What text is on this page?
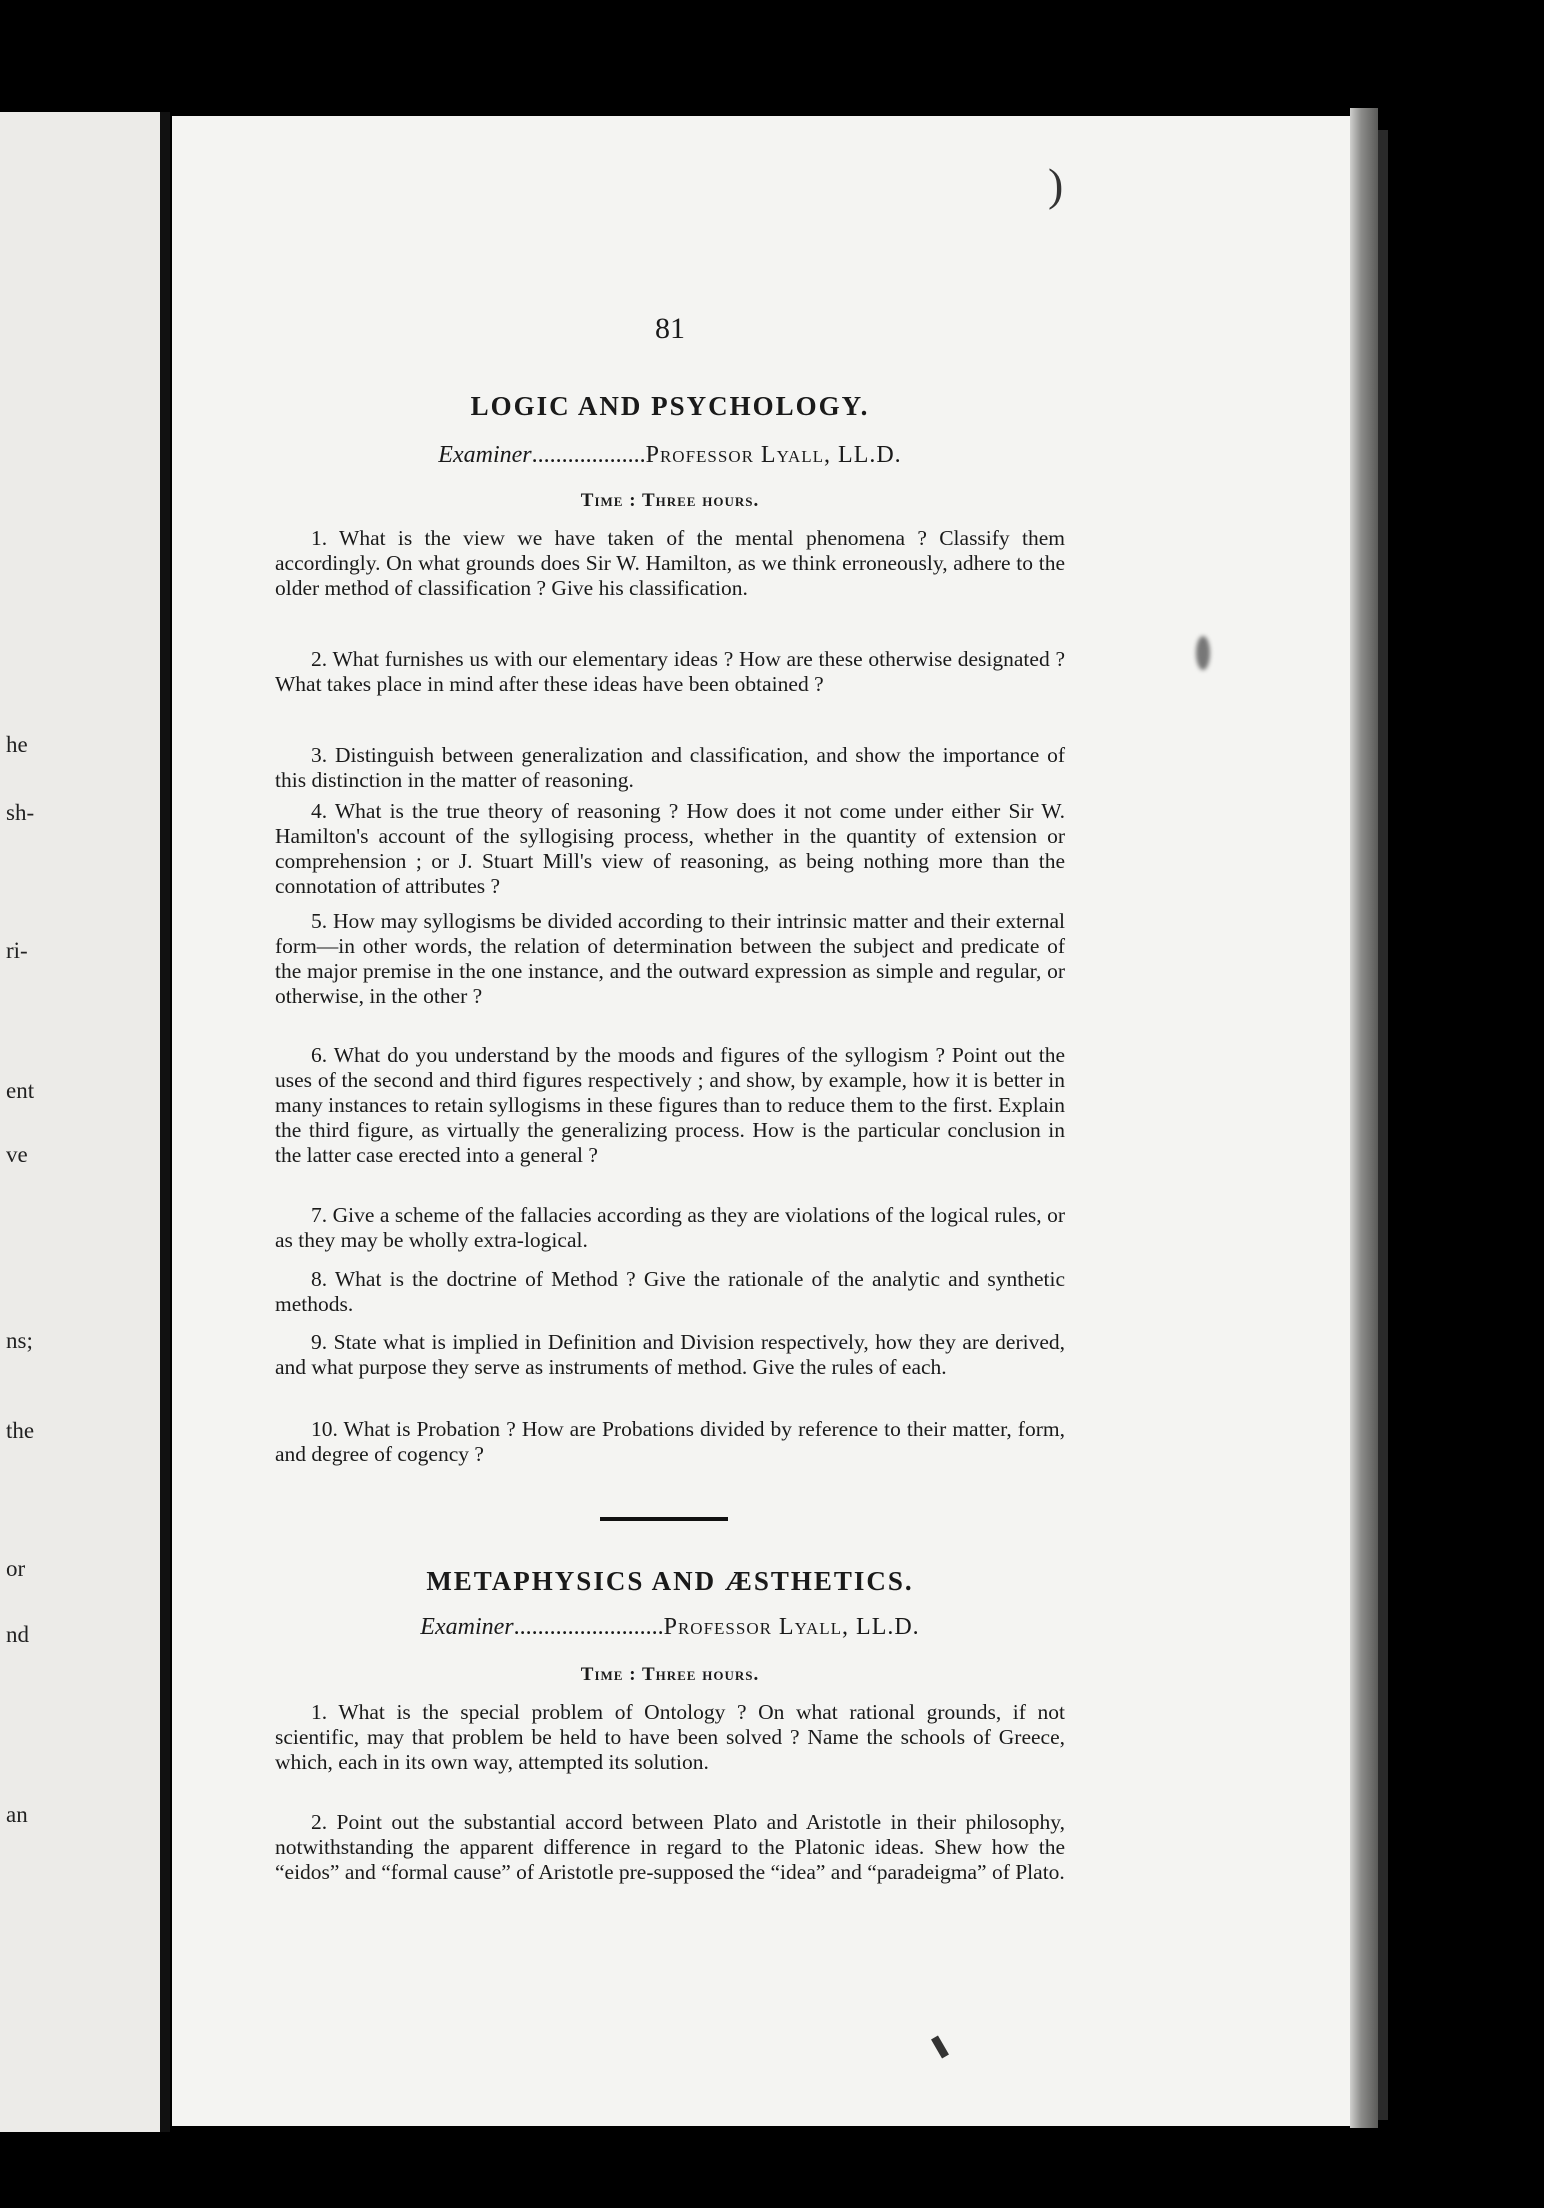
he
sh-
ri-
ent
ve
ns;
the
or
nd
an
)
81
LOGIC AND PSYCHOLOGY.
Examiner ................... Professor Lyall, LL.D.
Time : Three hours.
1. What is the view we have taken of the mental phenomena ? Classify them accordingly. On what grounds does Sir W. Hamilton, as we think erroneously, adhere to the older method of classification ? Give his classification.
2. What furnishes us with our elementary ideas ? How are these otherwise designated ? What takes place in mind after these ideas have been obtained ?
3. Distinguish between generalization and classification, and show the importance of this distinction in the matter of reasoning.
4. What is the true theory of reasoning ? How does it not come under either Sir W. Hamilton's account of the syllogising process, whether in the quantity of extension or comprehension ; or J. Stuart Mill's view of reasoning, as being nothing more than the connotation of attributes ?
5. How may syllogisms be divided according to their intrinsic matter and their external form—in other words, the relation of determination between the subject and predicate of the major premise in the one instance, and the outward expression as simple and regular, or otherwise, in the other ?
6. What do you understand by the moods and figures of the syllogism ? Point out the uses of the second and third figures respectively ; and show, by example, how it is better in many instances to retain syllogisms in these figures than to reduce them to the first. Explain the third figure, as virtually the generalizing process. How is the particular conclusion in the latter case erected into a general ?
7. Give a scheme of the fallacies according as they are violations of the logical rules, or as they may be wholly extra-logical.
8. What is the doctrine of Method ? Give the rationale of the analytic and synthetic methods.
9. State what is implied in Definition and Division respectively, how they are derived, and what purpose they serve as instruments of method. Give the rules of each.
10. What is Probation ? How are Probations divided by reference to their matter, form, and degree of cogency ?
METAPHYSICS AND ÆSTHETICS.
Examiner ......................... Professor Lyall, LL.D.
Time : Three hours.
1. What is the special problem of Ontology ? On what rational grounds, if not scientific, may that problem be held to have been solved ? Name the schools of Greece, which, each in its own way, attempted its solution.
2. Point out the substantial accord between Plato and Aristotle in their philosophy, notwithstanding the apparent difference in regard to the Platonic ideas. Shew how the “eidos” and “formal cause” of Aristotle pre-supposed the “idea” and “paradeigma” of Plato.
